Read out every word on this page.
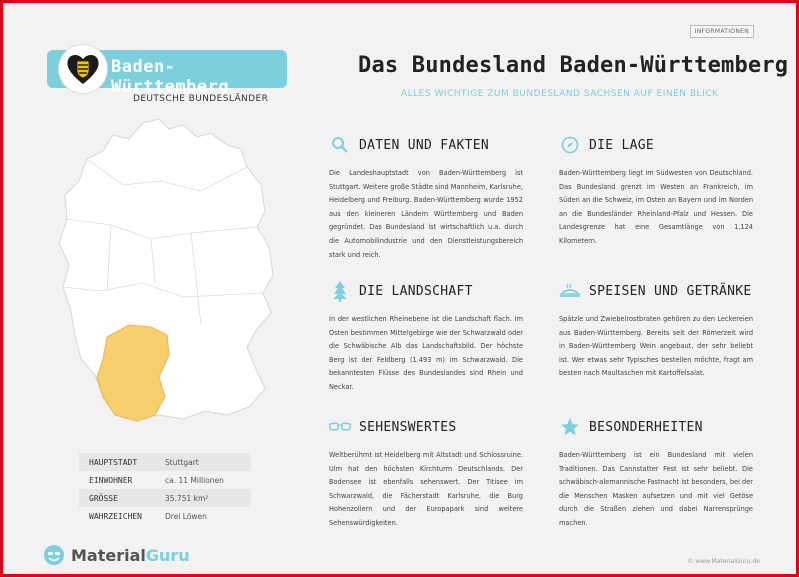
INFORMATIONEN
Baden-Württemberg
DEUTSCHE BUNDESLÄNDER
HAUPTSTADT	Stuttgart
EINWOHNER	ca. 11 Millionen
GRÖSSE	35.751 km²
WAHRZEICHEN	Drei Löwen
MaterialGuru
Das Bundesland Baden-Württemberg
ALLES WICHTIGE ZUM BUNDESLAND SACHSEN AUF EINEN BLICK
DATEN UND FAKTEN
Die Landeshauptstadt von Baden-Württemberg ist Stuttgart. Weitere große Städte sind Mannheim, Karlsruhe, Heidelberg und Freiburg. Baden-Württemberg wurde 1952 aus den kleineren Ländern Württemberg und Baden gegründet. Das Bundesland ist wirtschaftlich u.a. durch die Automobilindustrie und den Dienstleistungsbereich stark und reich.
DIE LAGE
Baden-Württemberg liegt im Südwesten von Deutschland. Das Bundesland grenzt im Westen an Frankreich, im Süden an die Schweiz, im Osten an Bayern und im Norden an die Bundesländer Rheinland-Pfalz und Hessen. Die Landesgrenze hat eine Gesamtlänge von 1.124 Kilometern.
DIE LANDSCHAFT
In der westlichen Rheinebene ist die Landschaft flach. Im Osten bestimmen Mittelgebirge wie der Schwarzwald oder die Schwäbische Alb das Landschaftsbild. Der höchste Berg ist der Feldberg (1.493 m) im Schwarzwald. Die bekanntesten Flüsse des Bundeslandes sind Rhein und Neckar.
SPEISEN UND GETRÄNKE
Spätzle und Zwiebelrostbraten gehören zu den Leckereien aus Baden-Württemberg. Bereits seit der Römerzeit wird in Baden-Württemberg Wein angebaut, der sehr beliebt ist. Wer etwas sehr Typisches bestellen möchte, fragt am besten nach Maultaschen mit Kartoffelsalat.
SEHENSWERTES
Weltberühmt ist Heidelberg mit Altstadt und Schlossruine. Ulm hat den höchsten Kirchturm Deutschlands. Der Bodensee ist ebenfalls sehenswert. Der Titisee im Schwarzwald, die Fächerstadt Karlsruhe, die Burg Hohenzollern und der Europapark sind weitere Sehenswürdigkeiten.
BESONDERHEITEN
Baden-Württemberg ist ein Bundesland mit vielen Traditionen. Das Cannstatter Fest ist sehr beliebt. Die schwäbisch-alemannische Fastnacht ist besonders, bei der die Menschen Masken aufsetzen und mit viel Getöse durch die Straßen ziehen und dabei Narrensprünge machen.
© www.MaterialGuru.de
